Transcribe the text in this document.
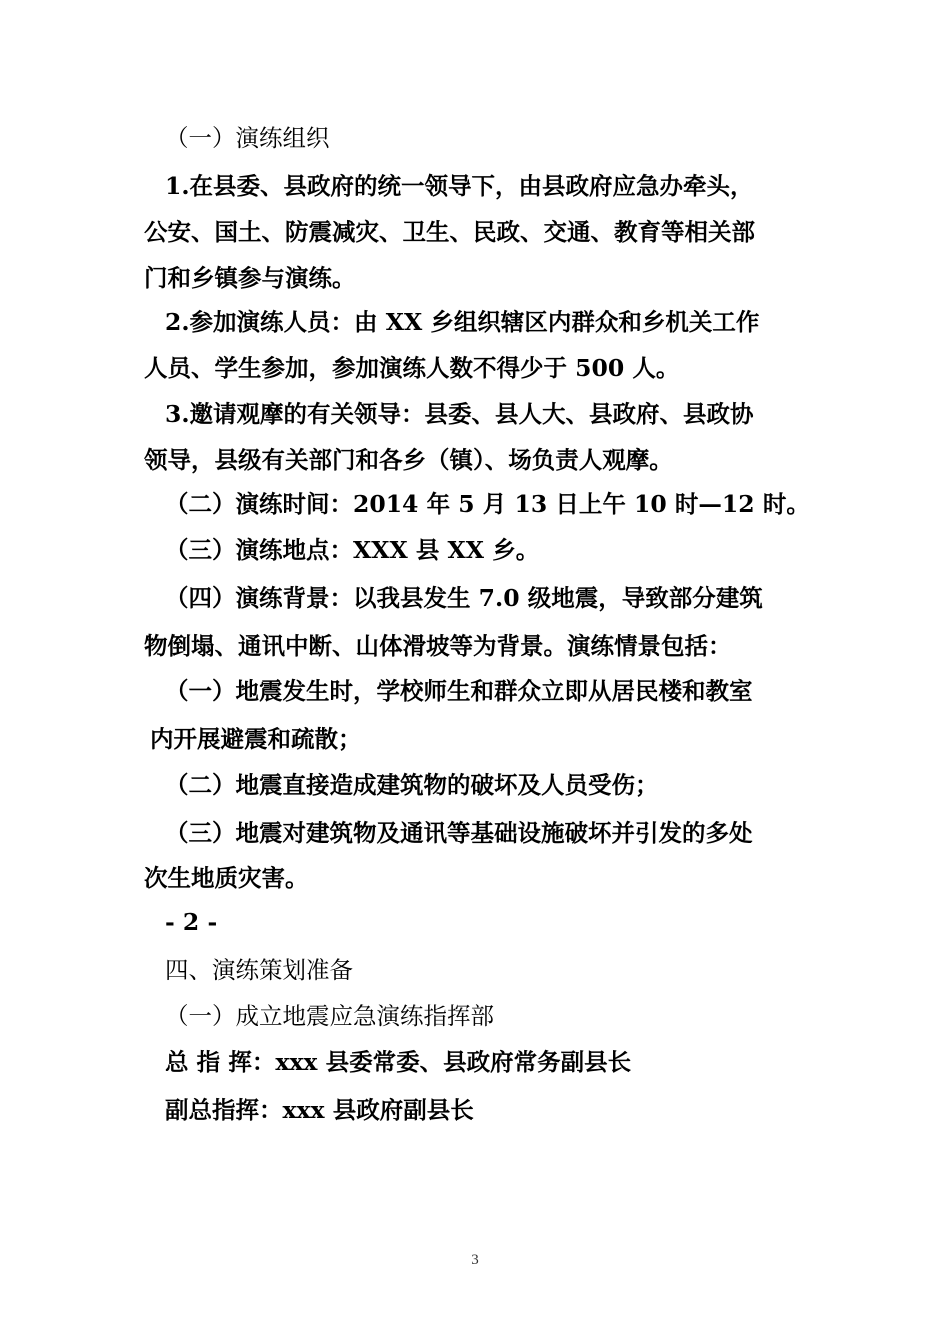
（一）演练组织
1.在县委、县政府的统一领导下，由县政府应急办牵头，
公安、国土、防震减灾、卫生、民政、交通、教育等相关部
门和乡镇参与演练。
2.参加演练人员：由 XX 乡组织辖区内群众和乡机关工作
人员、学生参加，参加演练人数不得少于 500 人。
3.邀请观摩的有关领导：县委、县人大、县政府、县政协
领导，县级有关部门和各乡（镇）、场负责人观摩。
（二）演练时间：2014 年 5 月 13 日上午 10 时—12 时。
（三）演练地点：XXX 县 XX 乡。
（四）演练背景：以我县发生 7.0 级地震，导致部分建筑
物倒塌、通讯中断、山体滑坡等为背景。演练情景包括：
（一）地震发生时，学校师生和群众立即从居民楼和教室
内开展避震和疏散；
（二）地震直接造成建筑物的破坏及人员受伤；
（三）地震对建筑物及通讯等基础设施破坏并引发的多处
次生地质灾害。
- 2 -
四、演练策划准备
（一）成立地震应急演练指挥部
总 指 挥：xxx 县委常委、县政府常务副县长
副总指挥：xxx 县政府副县长
3
